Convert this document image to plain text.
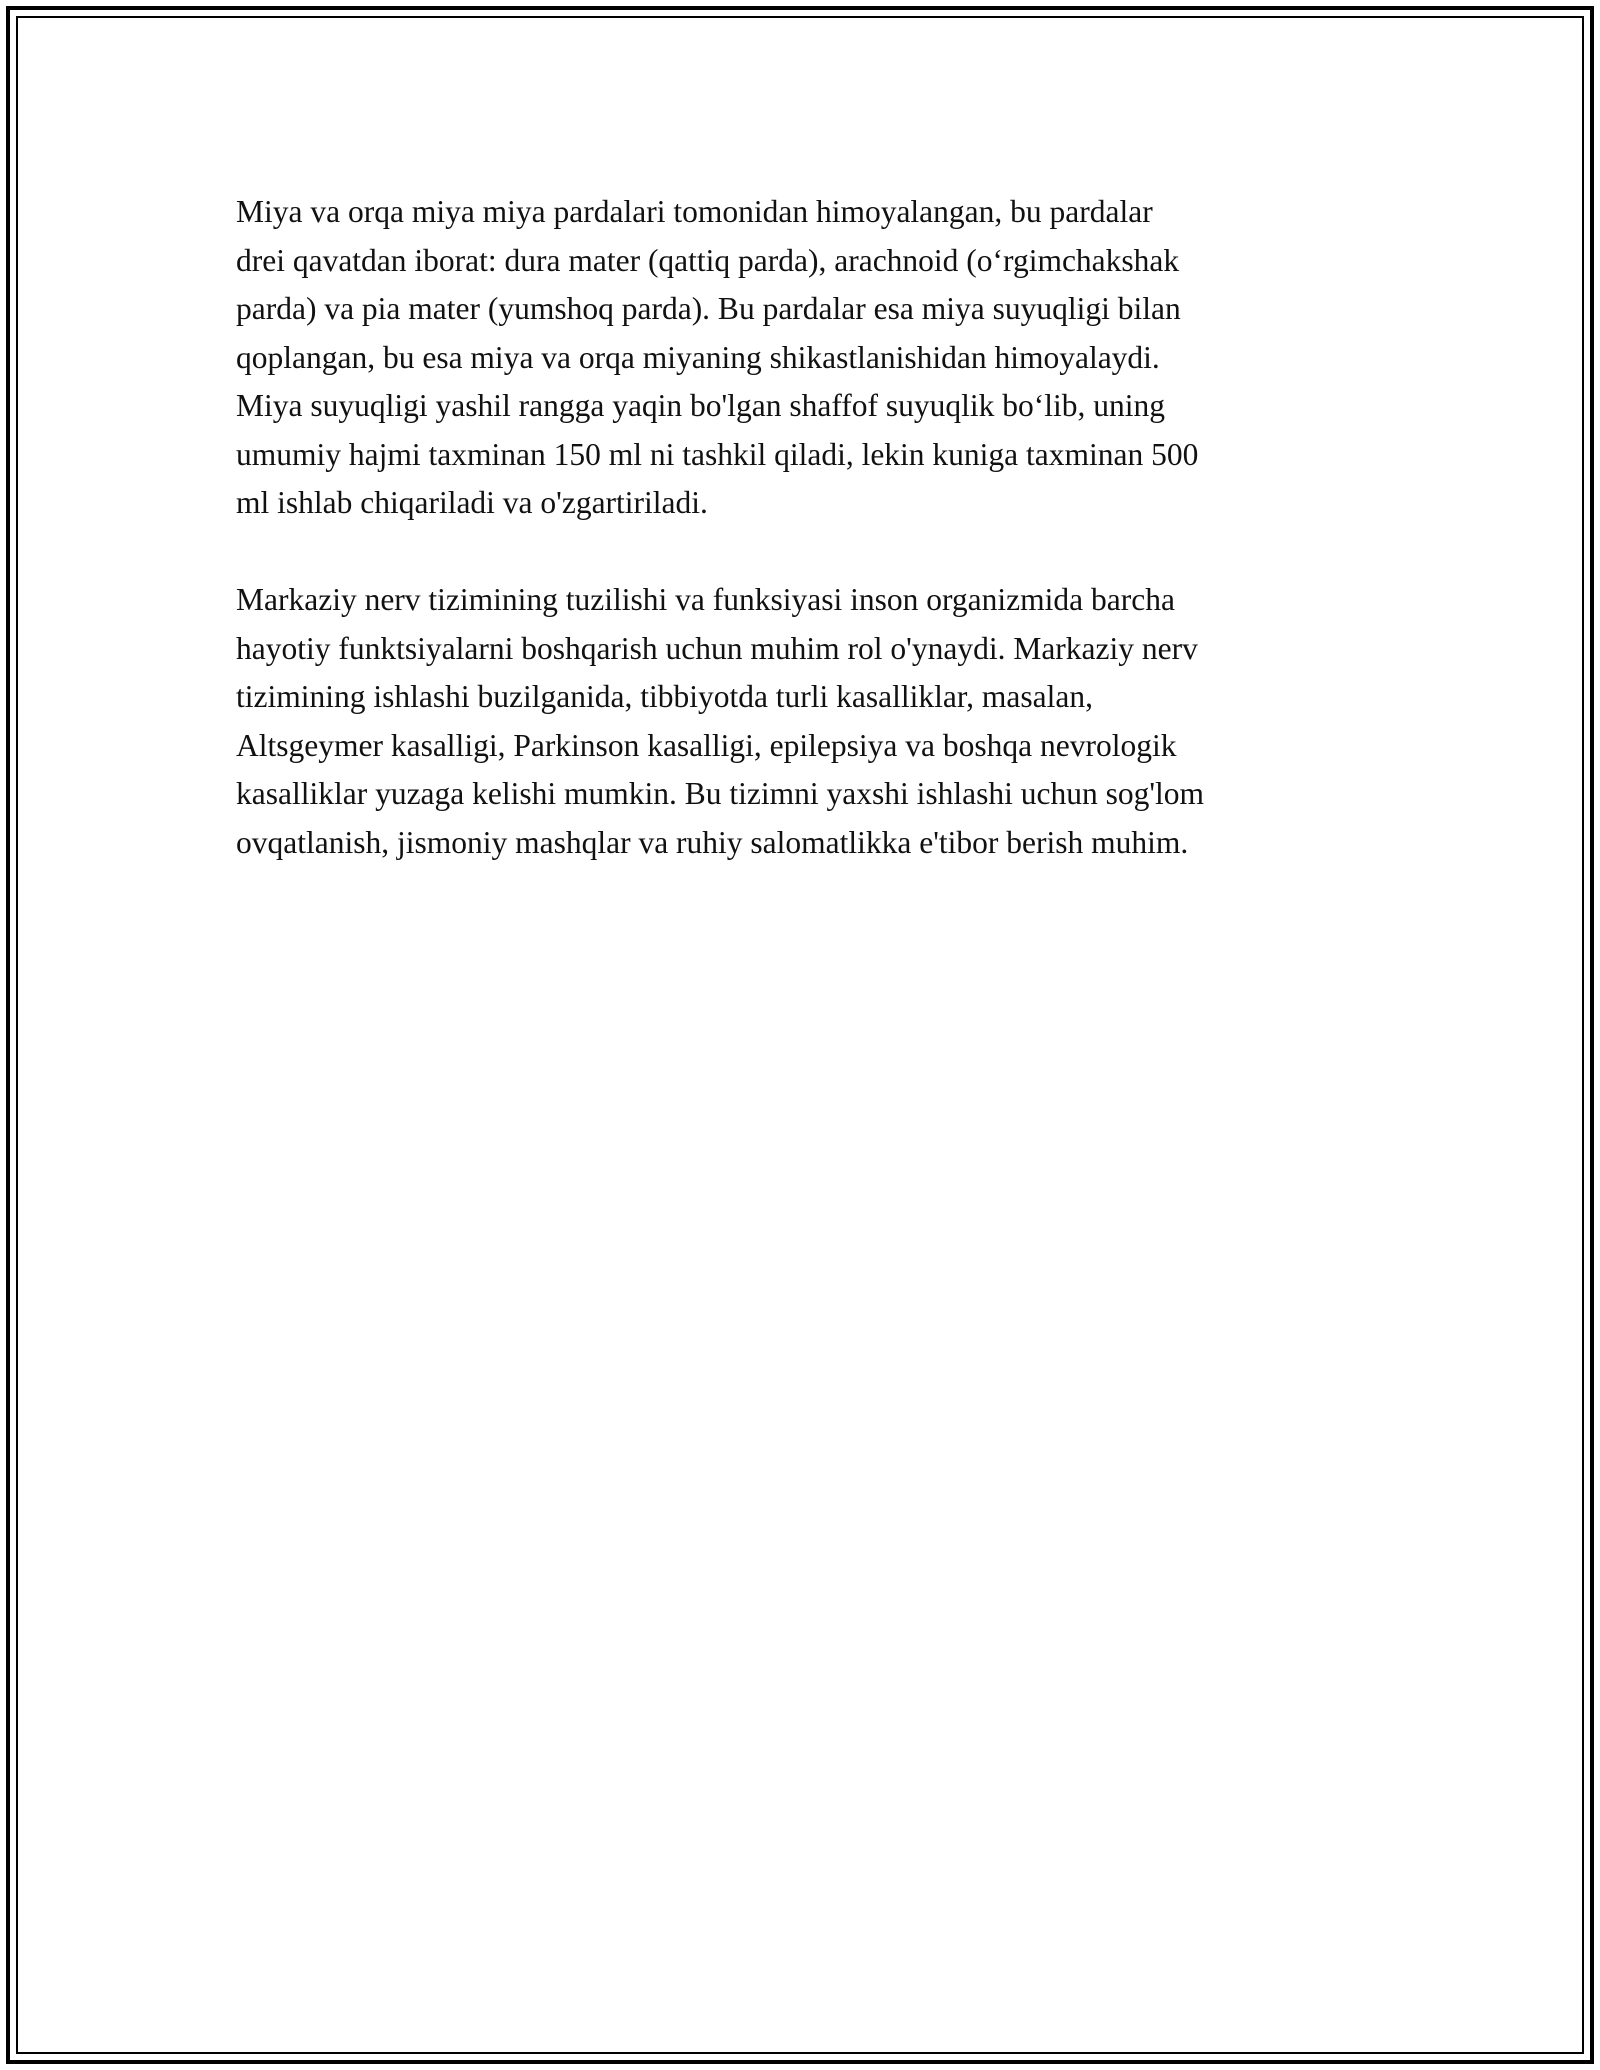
Miya va orqa miya miya pardalari tomonidan himoyalangan, bu pardalar
drei qavatdan iborat: dura mater (qattiq parda), arachnoid (oʻrgimchakshak
parda) va pia mater (yumshoq parda). Bu pardalar esa miya suyuqligi bilan
qoplangan, bu esa miya va orqa miyaning shikastlanishidan himoyalaydi.
Miya suyuqligi yashil rangga yaqin bo'lgan shaffof suyuqlik boʻlib, uning
umumiy hajmi taxminan 150 ml ni tashkil qiladi, lekin kuniga taxminan 500
ml ishlab chiqariladi va o'zgartiriladi.

Markaziy nerv tizimining tuzilishi va funksiyasi inson organizmida barcha
hayotiy funktsiyalarni boshqarish uchun muhim rol o'ynaydi. Markaziy nerv
tizimining ishlashi buzilganida, tibbiyotda turli kasalliklar, masalan,
Altsgeymer kasalligi, Parkinson kasalligi, epilepsiya va boshqa nevrologik
kasalliklar yuzaga kelishi mumkin. Bu tizimni yaxshi ishlashi uchun sog'lom
ovqatlanish, jismoniy mashqlar va ruhiy salomatlikka e'tibor berish muhim.
